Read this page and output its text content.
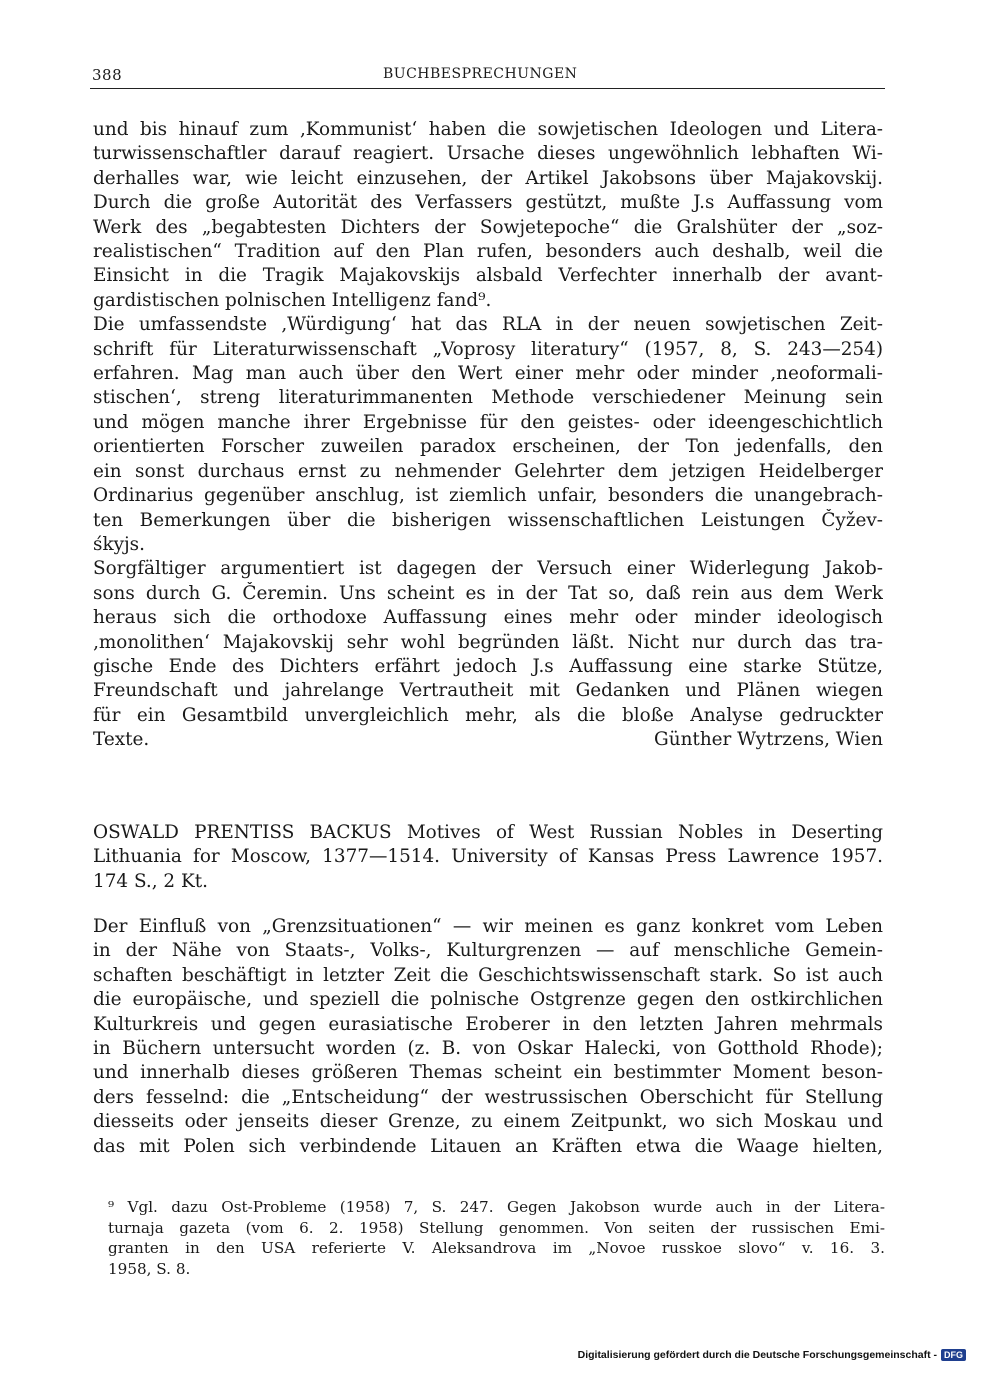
388	BUCHBESPRECHUNGEN
und bis hinauf zum ‚Kommunist‘ haben die sowjetischen Ideologen und Litera-
turwissenschaftler darauf reagiert. Ursache dieses ungewöhnlich lebhaften Wi-
derhalles war, wie leicht einzusehen, der Artikel Jakobsons über Majakovskij.
Durch die große Autorität des Verfassers gestützt, mußte J.s Auffassung vom
Werk des „begabtesten Dichters der Sowjetepoche“ die Gralshüter der „soz-
realistischen“ Tradition auf den Plan rufen, besonders auch deshalb, weil die
Einsicht in die Tragik Majakovskijs alsbald Verfechter innerhalb der avant-
gardistischen polnischen Intelligenz fand⁹.
Die umfassendste ‚Würdigung‘ hat das RLA in der neuen sowjetischen Zeit-
schrift für Literaturwissenschaft „Voprosy literatury“ (1957, 8, S. 243—254)
erfahren. Mag man auch über den Wert einer mehr oder minder ‚neoformali-
stischen‘, streng literaturimmanenten Methode verschiedener Meinung sein
und mögen manche ihrer Ergebnisse für den geistes- oder ideengeschichtlich
orientierten Forscher zuweilen paradox erscheinen, der Ton jedenfalls, den
ein sonst durchaus ernst zu nehmender Gelehrter dem jetzigen Heidelberger
Ordinarius gegenüber anschlug, ist ziemlich unfair, besonders die unangebrach-
ten Bemerkungen über die bisherigen wissenschaftlichen Leistungen Čyžev-
śkyjs.
Sorgfältiger argumentiert ist dagegen der Versuch einer Widerlegung Jakob-
sons durch G. Čeremin. Uns scheint es in der Tat so, daß rein aus dem Werk
heraus sich die orthodoxe Auffassung eines mehr oder minder ideologisch
‚monolithen‘ Majakovskij sehr wohl begründen läßt. Nicht nur durch das tra-
gische Ende des Dichters erfährt jedoch J.s Auffassung eine starke Stütze,
Freundschaft und jahrelange Vertrautheit mit Gedanken und Plänen wiegen
für ein Gesamtbild unvergleichlich mehr, als die bloße Analyse gedruckter
Texte.	Günther Wytrzens, Wien
OSWALD PRENTISS BACKUS Motives of West Russian Nobles in Deserting
Lithuania for Moscow, 1377—1514. University of Kansas Press Lawrence 1957.
174 S., 2 Kt.
Der Einfluß von „Grenzsituationen“ — wir meinen es ganz konkret vom Leben
in der Nähe von Staats-, Volks-, Kulturgrenzen — auf menschliche Gemein-
schaften beschäftigt in letzter Zeit die Geschichtswissenschaft stark. So ist auch
die europäische, und speziell die polnische Ostgrenze gegen den ostkirchlichen
Kulturkreis und gegen eurasiatische Eroberer in den letzten Jahren mehrmals
in Büchern untersucht worden (z. B. von Oskar Halecki, von Gotthold Rhode);
und innerhalb dieses größeren Themas scheint ein bestimmter Moment beson-
ders fesselnd: die „Entscheidung“ der westrussischen Oberschicht für Stellung
diesseits oder jenseits dieser Grenze, zu einem Zeitpunkt, wo sich Moskau und
das mit Polen sich verbindende Litauen an Kräften etwa die Waage hielten,
⁹ Vgl. dazu Ost-Probleme (1958) 7, S. 247. Gegen Jakobson wurde auch in der Litera-
turnaja gazeta (vom 6. 2. 1958) Stellung genommen. Von seiten der russischen Emi-
granten in den USA referierte V. Aleksandrova im „Novoe russkoe slovo“ v. 16. 3.
1958, S. 8.
Digitalisierung gefördert durch die Deutsche Forschungsgemeinschaft - DFG
